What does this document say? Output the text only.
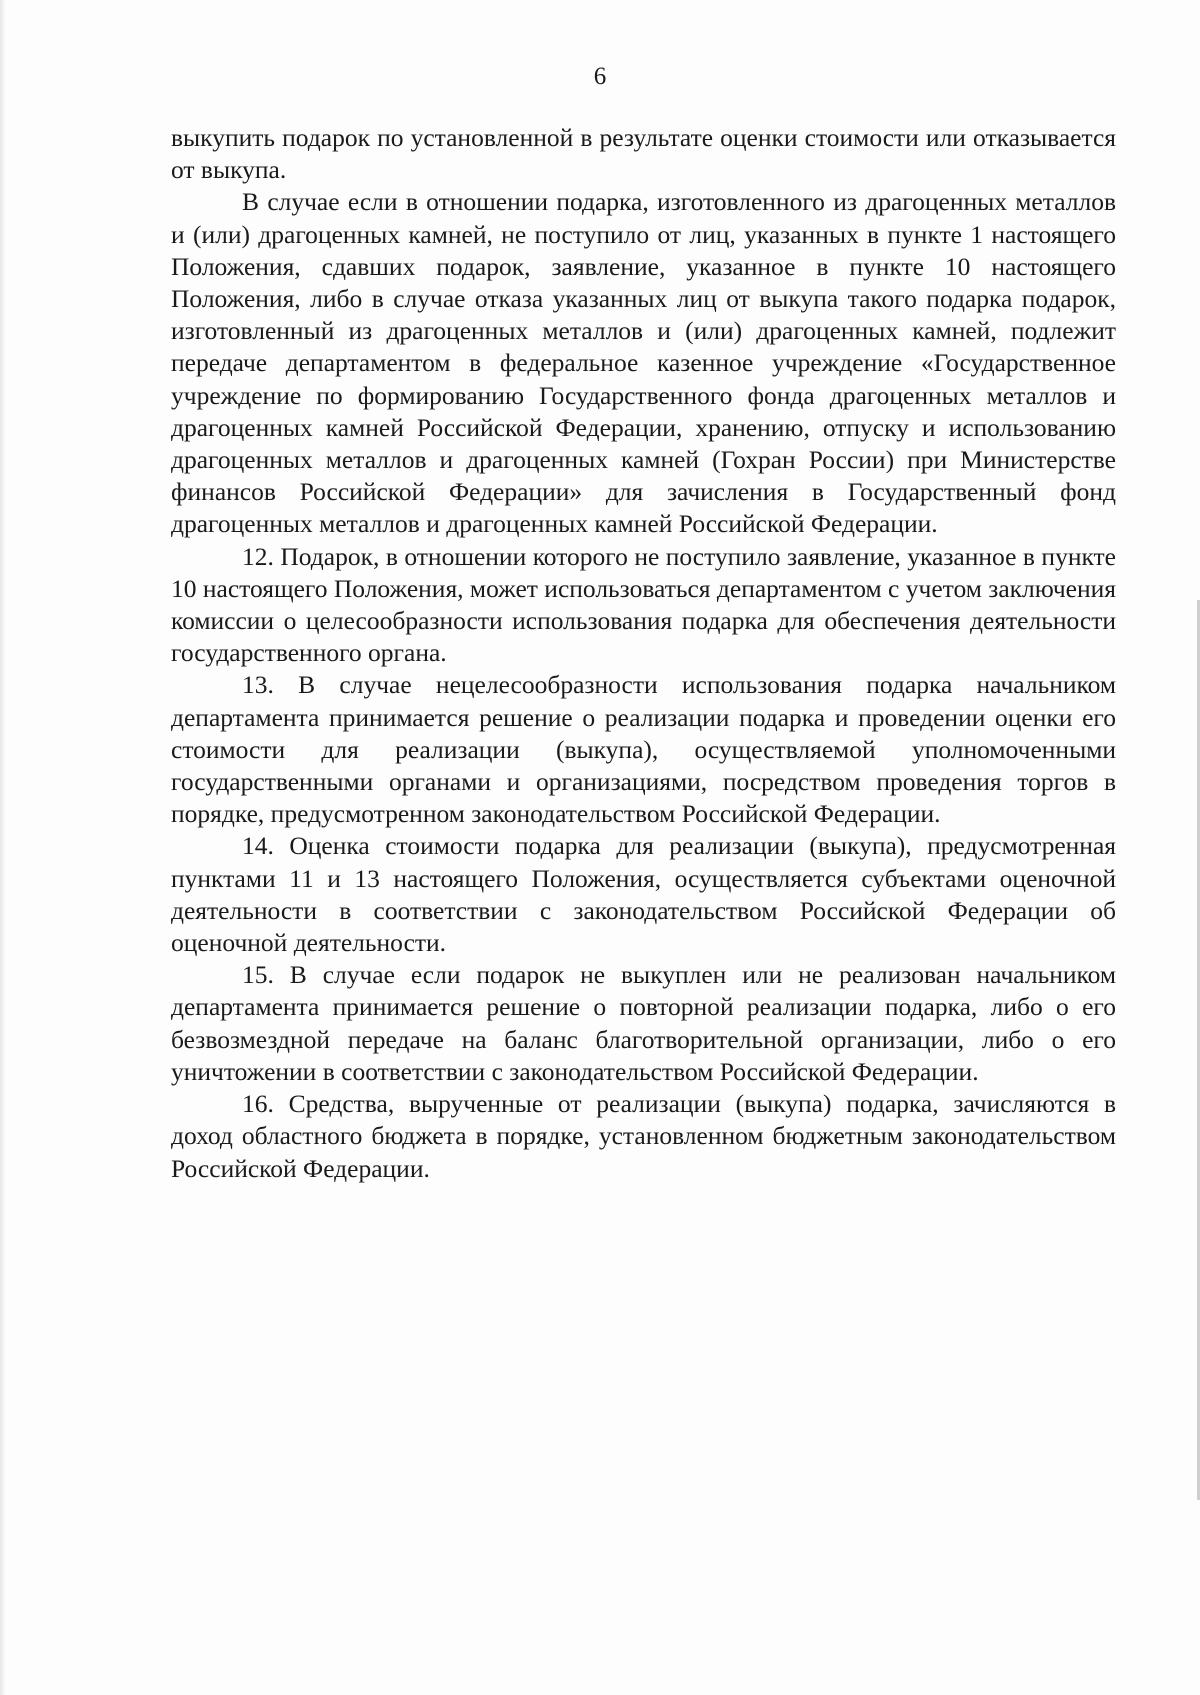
6

выкупить подарок по установленной в результате оценки стоимости или отказывается от выкупа.

В случае если в отношении подарка, изготовленного из драгоценных металлов и (или) драгоценных камней, не поступило от лиц, указанных в пункте 1 настоящего Положения, сдавших подарок, заявление, указанное в пункте 10 настоящего Положения, либо в случае отказа указанных лиц от выкупа такого подарка подарок, изготовленный из драгоценных металлов и (или) драгоценных камней, подлежит передаче департаментом в федеральное казенное учреждение «Государственное учреждение по формированию Государственного фонда драгоценных металлов и драгоценных камней Российской Федерации, хранению, отпуску и использованию драгоценных металлов и драгоценных камней (Гохран России) при Министерстве финансов Российской Федерации» для зачисления в Государственный фонд драгоценных металлов и драгоценных камней Российской Федерации.

12. Подарок, в отношении которого не поступило заявление, указанное в пункте 10 настоящего Положения, может использоваться департаментом с учетом заключения комиссии о целесообразности использования подарка для обеспечения деятельности государственного органа.

13. В случае нецелесообразности использования подарка начальником департамента принимается решение о реализации подарка и проведении оценки его стоимости для реализации (выкупа), осуществляемой уполномоченными государственными органами и организациями, посредством проведения торгов в порядке, предусмотренном законодательством Российской Федерации.

14. Оценка стоимости подарка для реализации (выкупа), предусмотренная пунктами 11 и 13 настоящего Положения, осуществляется субъектами оценочной деятельности в соответствии с законодательством Российской Федерации об оценочной деятельности.

15. В случае если подарок не выкуплен или не реализован начальником департамента принимается решение о повторной реализации подарка, либо о его безвозмездной передаче на баланс благотворительной организации, либо о его уничтожении в соответствии с законодательством Российской Федерации.

16. Средства, вырученные от реализации (выкупа) подарка, зачисляются в доход областного бюджета в порядке, установленном бюджетным законодательством Российской Федерации.
